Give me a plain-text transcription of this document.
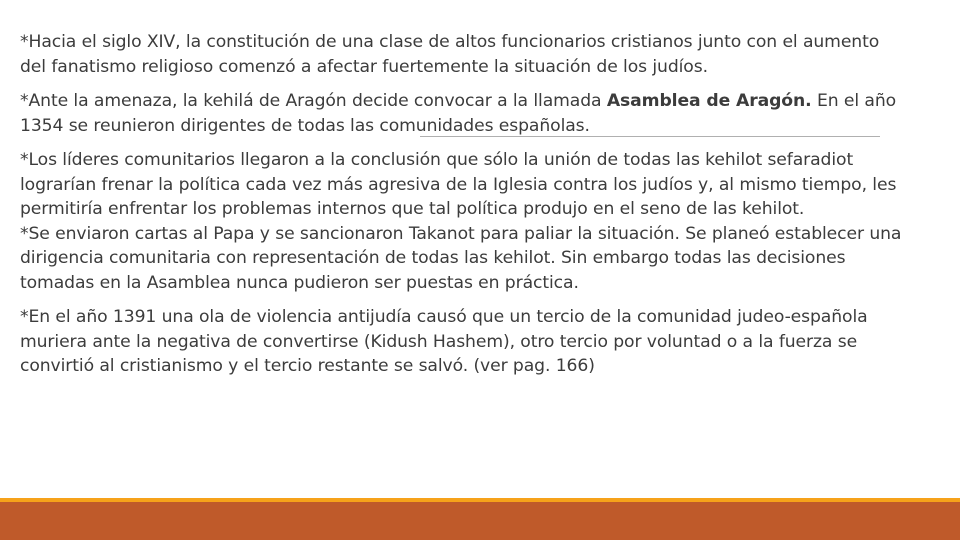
*Hacia el siglo XIV, la constitución de una clase de altos funcionarios cristianos junto con el aumento del fanatismo religioso comenzó a afectar fuertemente la situación de los judíos.

*Ante la amenaza, la kehilá de Aragón decide convocar a la llamada Asamblea de Aragón. En el año 1354 se reunieron dirigentes de todas las comunidades españolas.

*Los líderes comunitarios llegaron a la conclusión que sólo la unión de todas las kehilot sefaradiot lograrían frenar la política cada vez más agresiva de la Iglesia contra los judíos y, al mismo tiempo, les permitiría enfrentar los problemas internos que tal política produjo en el seno de las kehilot.

*Se enviaron cartas al Papa y se sancionaron Takanot para paliar la situación. Se planeó establecer una dirigencia comunitaria con representación de todas las kehilot. Sin embargo todas las decisiones tomadas en la Asamblea nunca pudieron ser puestas en práctica.

*En el año 1391 una ola de violencia antijudía causó que un tercio de la comunidad judeo-española muriera ante la negativa de convertirse (Kidush Hashem), otro tercio por voluntad o a la fuerza se convirtió al cristianismo y el tercio restante se salvó. (ver pag. 166)
